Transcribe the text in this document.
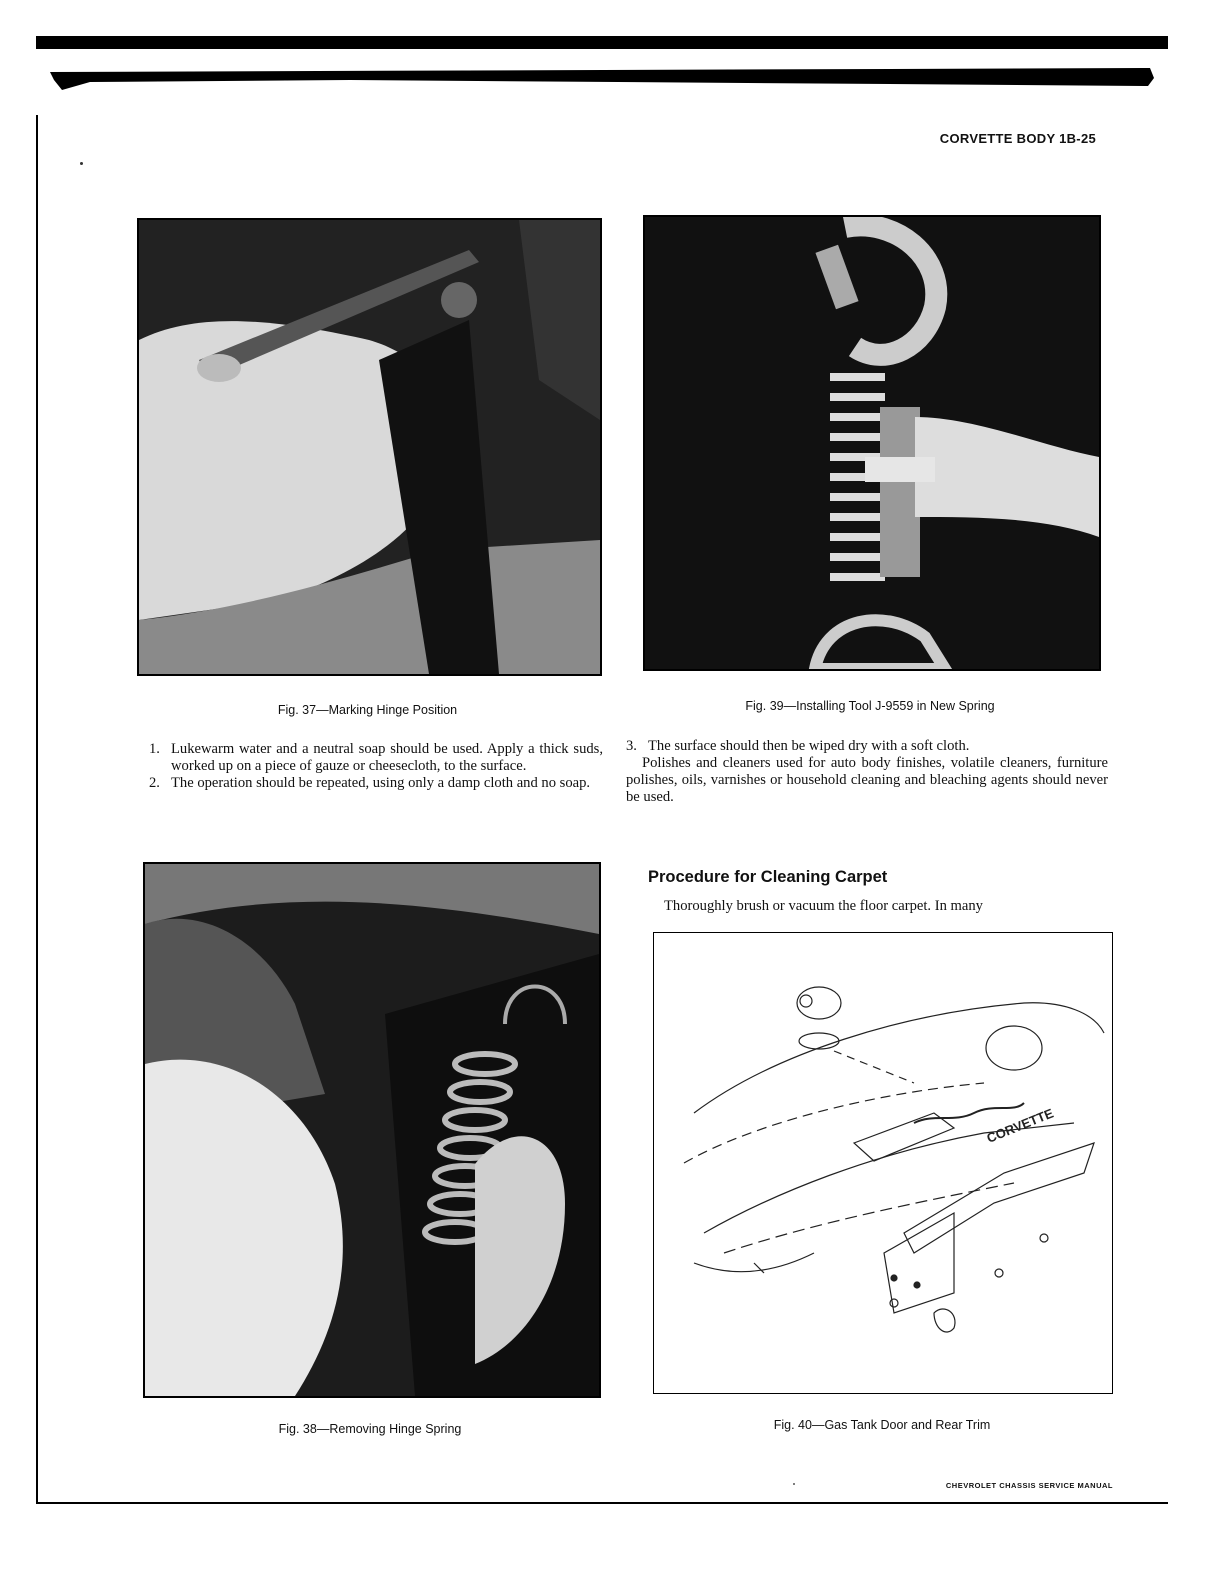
CORVETTE BODY 1B-25
Fig. 37—Marking Hinge Position	Fig. 39—Installing Tool J-9559 in New Spring
1. Lukewarm water and a neutral soap should be used. Apply a thick suds, worked up on a piece of gauze or cheesecloth, to the surface.
2. The operation should be repeated, using only a damp cloth and no soap.
3. The surface should then be wiped dry with a soft cloth.

Polishes and cleaners used for auto body finishes, volatile cleaners, furniture polishes, oils, varnishes or household cleaning and bleaching agents should never be used.

Procedure for Cleaning Carpet

Thoroughly brush or vacuum the floor carpet. In many

Fig. 38—Removing Hinge Spring
CORVETTE
Fig. 40—Gas Tank Door and Rear Trim
CHEVROLET CHASSIS SERVICE MANUAL
